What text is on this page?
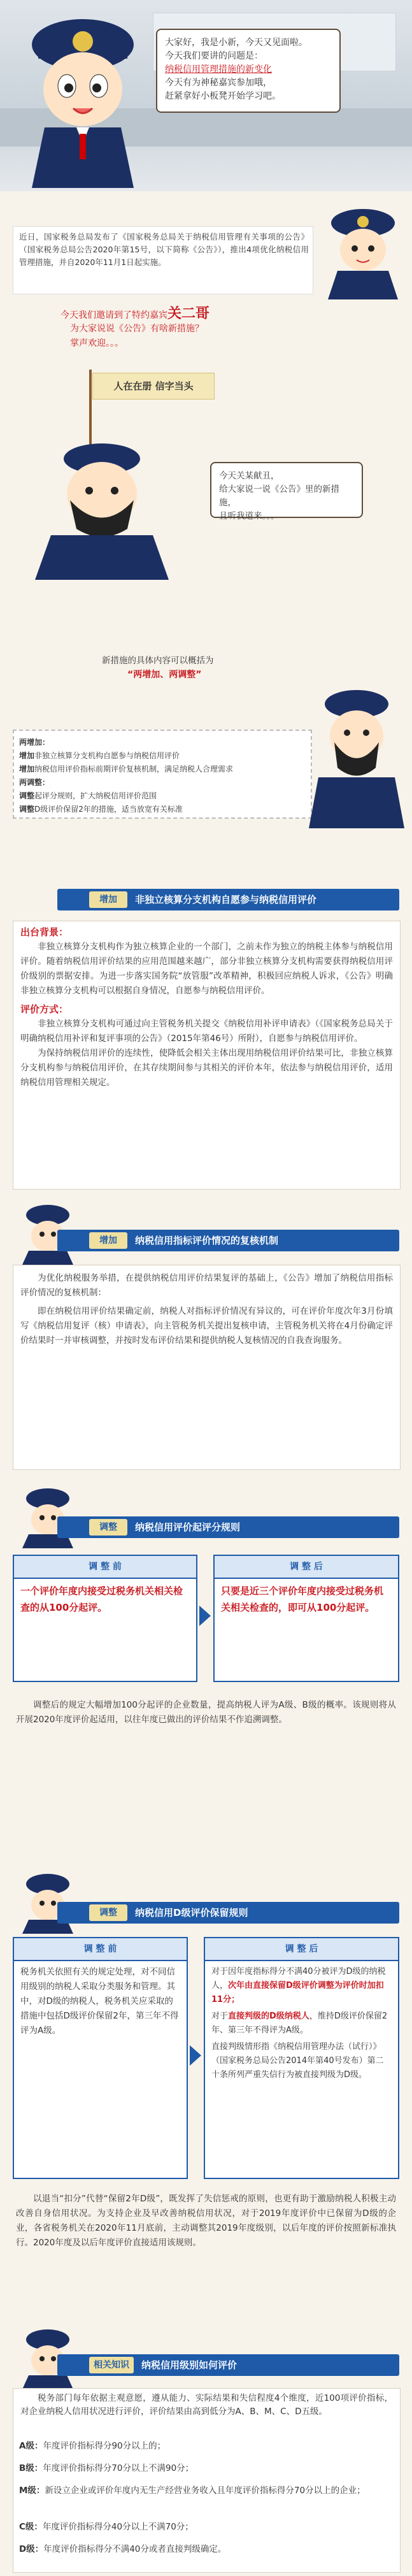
大家好，我是小新，今天又见面啦。
今天我们要讲的问题是：
纳税信用管理措施的新变化
今天有为神秘嘉宾参加哦，
赶紧拿好小板凳开始学习吧。
近日，国家税务总局发布了《国家税务总局关于纳税信用管理有关事项的公告》（国家税务总局公告2020年第15号，以下简称《公告》），推出4项优化纳税信用管理措施，并自2020年11月1日起实施。
今天我们邀请到了特约嘉宾关二哥
为大家说说《公告》有啥新措施？
掌声欢迎。。。
人在在册 信字当头
今天关某献丑，
给大家说一说《公告》里的新措施，
且听我道来。。。
新措施的具体内容可以概括为
“两增加、两调整”
两增加：
增加非独立核算分支机构自愿参与纳税信用评价
增加纳税信用评价指标前期评价复核机制，满足纳税人合理需求
两调整：
调整起评分规则，扩大纳税信用评价范围
调整D级评价保留2年的措施，适当放宽有关标准
增加	非独立核算分支机构自愿参与纳税信用评价
出台背景：
非独立核算分支机构作为独立核算企业的一个部门，之前未作为独立的纳税主体参与纳税信用评价。随着纳税信用评价结果的应用范围越来越广，部分非独立核算分支机构需要获得纳税信用评价级别的票据安排。为进一步落实国务院“放管服”改革精神，积极回应纳税人诉求，《公告》明确非独立核算分支机构可以根据自身情况，自愿参与纳税信用评价。
评价方式：
非独立核算分支机构可通过向主管税务机关提交《纳税信用补评申请表》（《国家税务总局关于明确纳税信用补评和复评事项的公告》（2015年第46号）所附），自愿参与纳税信用评价。
为保持纳税信用评价的连续性，使降低会相关主体出现用纳税信用评价结果可比，非独立核算分支机构参与纳税信用评价，在其存续期间参与其相关的评价本年，依法参与纳税信用评价，适用纳税信用管理相关规定。
增加	纳税信用指标评价情况的复核机制
为优化纳税服务举措，在提供纳税信用评价结果复评的基础上，《公告》增加了纳税信用指标评价情况的复核机制：
即在纳税信用评价结果确定前，纳税人对指标评价情况有异议的，可在评价年度次年3月份填写《纳税信用复评（核）申请表》，向主管税务机关提出复核申请，主管税务机关将在4月份确定评价结果时一并审核调整，并按时发布评价结果和提供纳税人复核情况的自我查询服务。
调整	纳税信用评价起评分规则
调 整 前
一个评价年度内接受过税务机关相关检查的从100分起评。
调 整 后
只要是近三个评价年度内接受过税务机关相关检查的，即可从100分起评。
调整后的规定大幅增加100分起评的企业数量，提高纳税人评为A级、B级的概率。该规则将从开展2020年度评价起适用，以往年度已做出的评价结果不作追溯调整。
调整	纳税信用D级评价保留规则
调 整 前
税务机关依照有关的规定处理，对不同信用级别的纳税人采取分类服务和管理。其中，对D级的纳税人，税务机关应采取的措施中包括D级评价保留2年，第三年不得评为A级。
调 整 后
对于因年度指标得分不满40分被评为D级的纳税人，次年由直接保留D级评价调整为评价时加扣11分；
对于直接判级的D级纳税人，维持D级评价保留2年、第三年不得评为A级。
直接判级情形指《纳税信用管理办法（试行）》（国家税务总局公告2014年第40号发布）第二十条所列严重失信行为被直接判级为D级。
以退当“扣分”代替“保留2年D级”，既发挥了失信惩戒的原则，也更有助于激励纳税人积极主动改善自身信用状况。为支持企业及早改善纳税信用状况，对于2019年度评价中已保留为D级的企业，各省税务机关在2020年11月底前，主动调整其2019年度级别，以后年度的评价按照新标准执行。2020年度及以后年度评价直接适用该规则。
相关知识	纳税信用级别如何评价
税务部门每年依据主观意愿，遵从能力、实际结果和失信程度4个维度，近100项评价指标，对企业纳税人信用状况进行评价，评价结果由高到低分为A、B、M、C、D五级。
A级：年度评价指标得分90分以上的；
B级：年度评价指标得分70分以上不满90分；
M级：新设立企业或评价年度内无生产经营业务收入且年度评价指标得分70分以上的企业；
C级：年度评价指标得分40分以上不满70分；
D级：年度评价指标得分不满40分或者直接判级确定。
